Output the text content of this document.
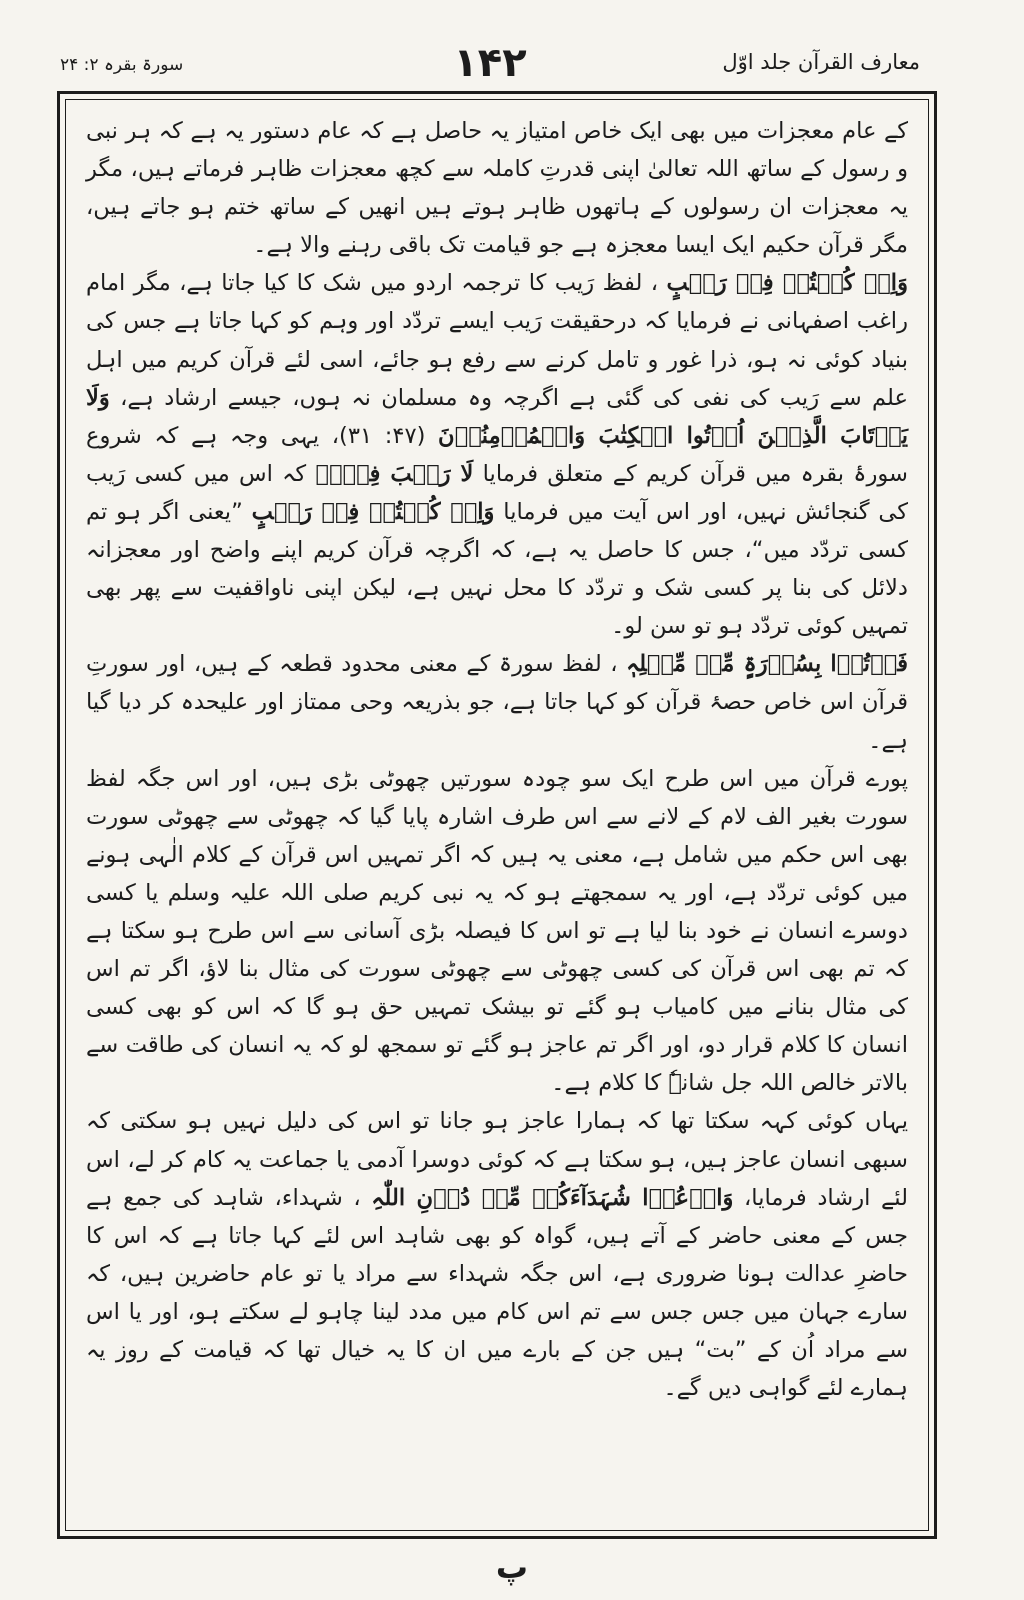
سورۃ بقرہ ۲: ۲۴	۱۴۲	معارف القرآن جلد اوّل

کے عام معجزات میں بھی ایک خاص امتیاز یہ حاصل ہے کہ عام دستور یہ ہے کہ ہر نبی و رسول کے ساتھ اللہ تعالیٰ اپنی قدرتِ کاملہ سے کچھ معجزات ظاہر فرماتے ہیں، مگر یہ معجزات ان رسولوں کے ہاتھوں ظاہر ہوتے ہیں انھیں کے ساتھ ختم ہو جاتے ہیں، مگر قرآن حکیم ایک ایسا معجزہ ہے جو قیامت تک باقی رہنے والا ہے۔

وَاِنۡ کُنۡتُمۡ فِیۡ رَیۡبٍ ، لفظ رَیب کا ترجمہ اردو میں شک کا کیا جاتا ہے، مگر امام راغب اصفہانی نے فرمایا کہ درحقیقت رَیب ایسے تردّد اور وہم کو کہا جاتا ہے جس کی بنیاد کوئی نہ ہو، ذرا غور و تامل کرنے سے رفع ہو جائے، اسی لئے قرآن کریم میں اہل علم سے رَیب کی نفی کی گئی ہے اگرچہ وہ مسلمان نہ ہوں، جیسے ارشاد ہے، وَلَا یَرۡتَابَ الَّذِیۡنَ اُوۡتُوا الۡکِتٰبَ وَالۡمُؤۡمِنُوۡنَ (۴۷: ۳۱)، یہی وجہ ہے کہ شروع سورۂ بقرہ میں قرآن کریم کے متعلق فرمایا لَا رَیۡبَ فِیۡہِ کہ اس میں کسی رَیب کی گنجائش نہیں، اور اس آیت میں فرمایا وَاِنۡ کُنۡتُمۡ فِیۡ رَیۡبٍ ”یعنی اگر ہو تم کسی تردّد میں“، جس کا حاصل یہ ہے، کہ اگرچہ قرآن کریم اپنے واضح اور معجزانہ دلائل کی بنا پر کسی شک و تردّد کا محل نہیں ہے، لیکن اپنی ناواقفیت سے پھر بھی تمہیں کوئی تردّد ہو تو سن لو۔

فَاۡتُوۡا بِسُوۡرَۃٍ مِّنۡ مِّثۡلِہٖ ، لفظ سورۃ کے معنی محدود قطعہ کے ہیں، اور سورتِ قرآن اس خاص حصۂ قرآن کو کہا جاتا ہے، جو بذریعہ وحی ممتاز اور علیحدہ کر دیا گیا ہے۔

پورے قرآن میں اس طرح ایک سو چودہ سورتیں چھوٹی بڑی ہیں، اور اس جگہ لفظ سورت بغیر الف لام کے لانے سے اس طرف اشارہ پایا گیا کہ چھوٹی سے چھوٹی سورت بھی اس حکم میں شامل ہے، معنی یہ ہیں کہ اگر تمہیں اس قرآن کے کلام الٰہی ہونے میں کوئی تردّد ہے، اور یہ سمجھتے ہو کہ یہ نبی کریم صلی اللہ علیہ وسلم یا کسی دوسرے انسان نے خود بنا لیا ہے تو اس کا فیصلہ بڑی آسانی سے اس طرح ہو سکتا ہے کہ تم بھی اس قرآن کی کسی چھوٹی سے چھوٹی سورت کی مثال بنا لاؤ، اگر تم اس کی مثال بنانے میں کامیاب ہو گئے تو بیشک تمہیں حق ہو گا کہ اس کو بھی کسی انسان کا کلام قرار دو، اور اگر تم عاجز ہو گئے تو سمجھ لو کہ یہ انسان کی طاقت سے بالاتر خالص اللہ جل شانہٗ کا کلام ہے۔

یہاں کوئی کہہ سکتا تھا کہ ہمارا عاجز ہو جانا تو اس کی دلیل نہیں ہو سکتی کہ سبھی انسان عاجز ہیں، ہو سکتا ہے کہ کوئی دوسرا آدمی یا جماعت یہ کام کر لے، اس لئے ارشاد فرمایا، وَادۡعُوۡا شُہَدَآءَکُمۡ مِّنۡ دُوۡنِ اللّٰہِ ، شہداء، شاہد کی جمع ہے جس کے معنی حاضر کے آتے ہیں، گواہ کو بھی شاہد اس لئے کہا جاتا ہے کہ اس کا حاضرِ عدالت ہونا ضروری ہے، اس جگہ شہداء سے مراد یا تو عام حاضرین ہیں، کہ سارے جہان میں جس جس سے تم اس کام میں مدد لینا چاہو لے سکتے ہو، اور یا اس سے مراد اُن کے ”بت“ ہیں جن کے بارے میں ان کا یہ خیال تھا کہ قیامت کے روز یہ ہمارے لئے گواہی دیں گے۔

پ
